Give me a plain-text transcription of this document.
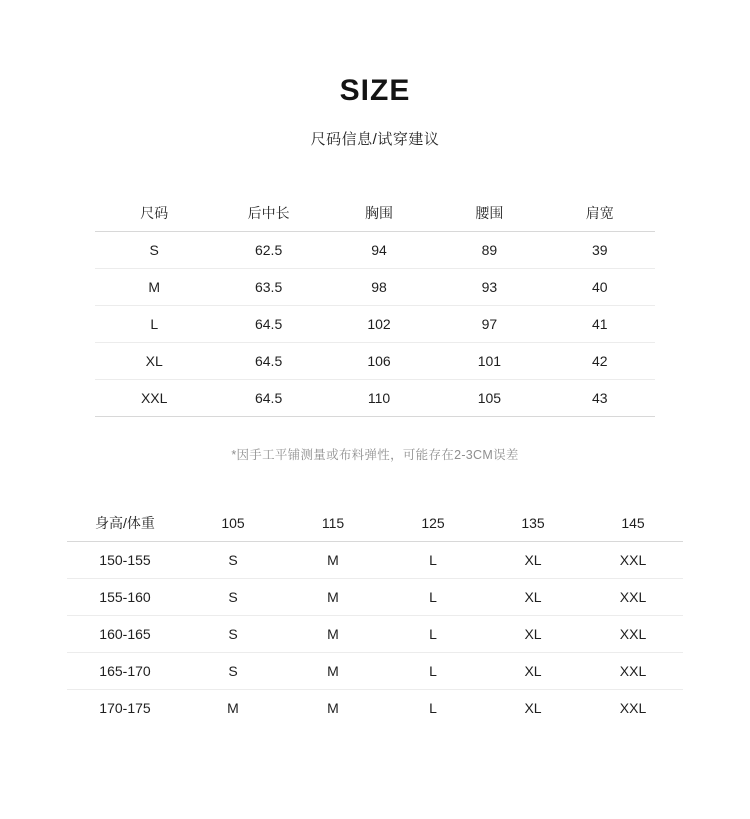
SIZE
尺码信息/试穿建议
尺码	后中长	胸围	腰围	肩宽
S	62.5	94	89	39
M	63.5	98	93	40
L	64.5	102	97	41
XL	64.5	106	101	42
XXL	64.5	110	105	43
*因手工平铺测量或布料弹性，可能存在2-3CM误差
身高/体重	105	115	125	135	145
150-155	S	M	L	XL	XXL
155-160	S	M	L	XL	XXL
160-165	S	M	L	XL	XXL
165-170	S	M	L	XL	XXL
170-175	M	M	L	XL	XXL
